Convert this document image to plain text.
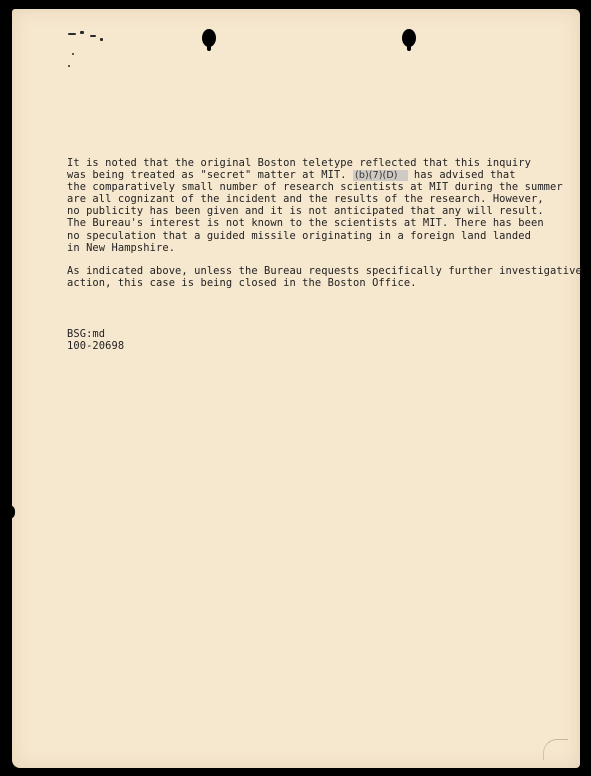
It is noted that the original Boston teletype reflected that this inquiry
was being treated as "secret" matter at MIT. (b)(7)(D) has advised that
the comparatively small number of research scientists at MIT during the summer
are all cognizant of the incident and the results of the research. However,
no publicity has been given and it is not anticipated that any will result.
The Bureau's interest is not known to the scientists at MIT. There has been
no speculation that a guided missile originating in a foreign land landed
in New Hampshire.
As indicated above, unless the Bureau requests specifically further investigative
action, this case is being closed in the Boston Office.
BSG:md
100-20698
